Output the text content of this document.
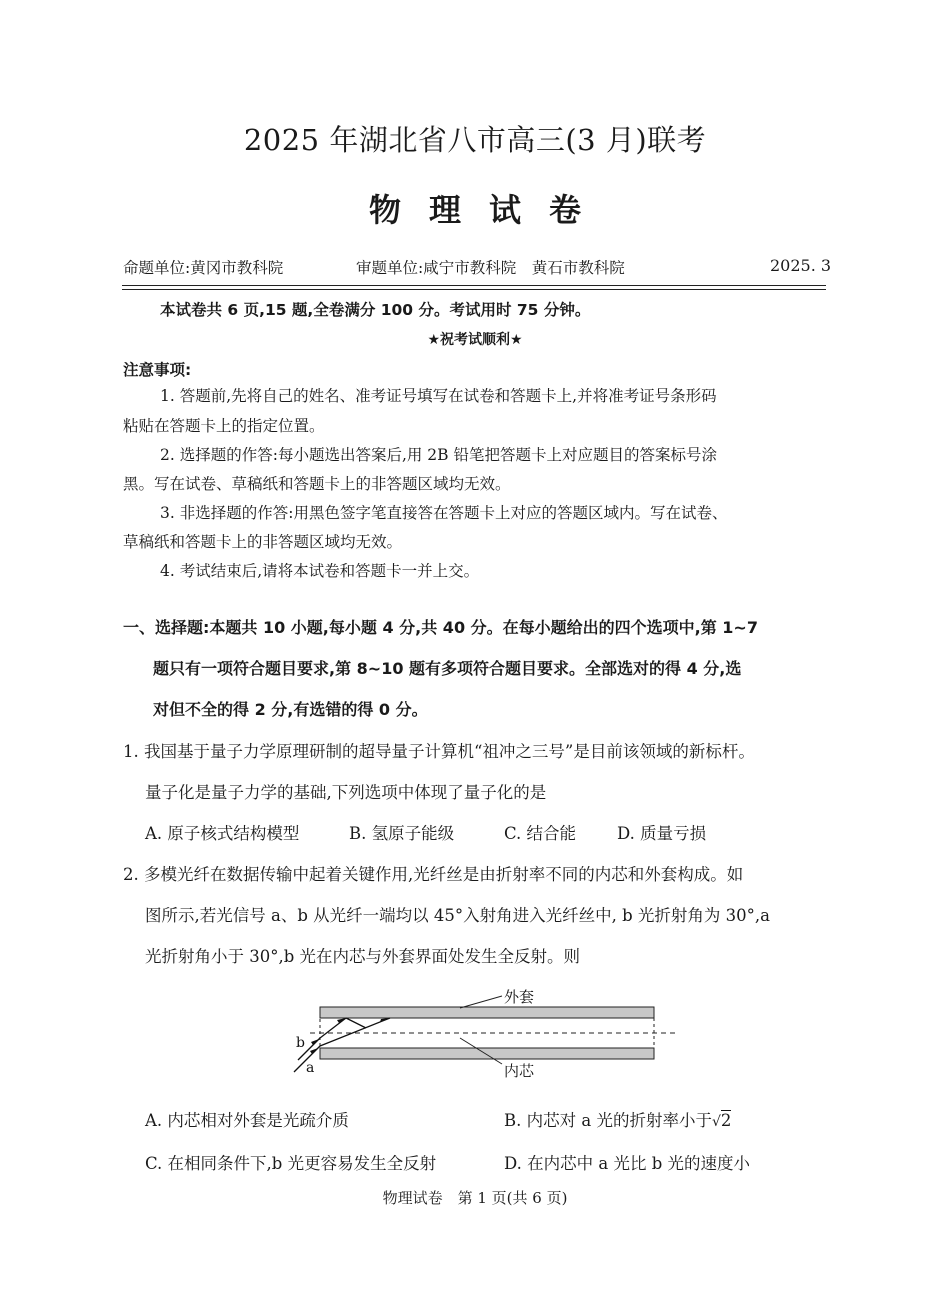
2025 年湖北省八市高三(3 月)联考
物理试卷
命题单位:黄冈市教科院	审题单位:咸宁市教科院　黄石市教科院	2025. 3
本试卷共 6 页,15 题,全卷满分 100 分。考试用时 75 分钟。
★祝考试顺利★
注意事项:
1. 答题前,先将自己的姓名、准考证号填写在试卷和答题卡上,并将准考证号条形码
粘贴在答题卡上的指定位置。
2. 选择题的作答:每小题选出答案后,用 2B 铅笔把答题卡上对应题目的答案标号涂
黑。写在试卷、草稿纸和答题卡上的非答题区域均无效。
3. 非选择题的作答:用黑色签字笔直接答在答题卡上对应的答题区域内。写在试卷、
草稿纸和答题卡上的非答题区域均无效。
4. 考试结束后,请将本试卷和答题卡一并上交。
一、选择题:本题共 10 小题,每小题 4 分,共 40 分。在每小题给出的四个选项中,第 1~7
题只有一项符合题目要求,第 8~10 题有多项符合题目要求。全部选对的得 4 分,选
对但不全的得 2 分,有选错的得 0 分。
1. 我国基于量子力学原理研制的超导量子计算机“祖冲之三号”是目前该领域的新标杆。
量子化是量子力学的基础,下列选项中体现了量子化的是
A. 原子核式结构模型	B. 氢原子能级	C. 结合能 D. 质量亏损
2. 多模光纤在数据传输中起着关键作用,光纤丝是由折射率不同的内芯和外套构成。如
图所示,若光信号 a、b 从光纤一端均以 45°入射角进入光纤丝中, b 光折射角为 30°,a
光折射角小于 30°,b 光在内芯与外套界面处发生全反射。则
外套
内芯
b
a
A. 内芯相对外套是光疏介质	B. 内芯对 a 光的折射率小于√2
C. 在相同条件下,b 光更容易发生全反射	D. 在内芯中 a 光比 b 光的速度小
物理试卷　第 1 页(共 6 页)
